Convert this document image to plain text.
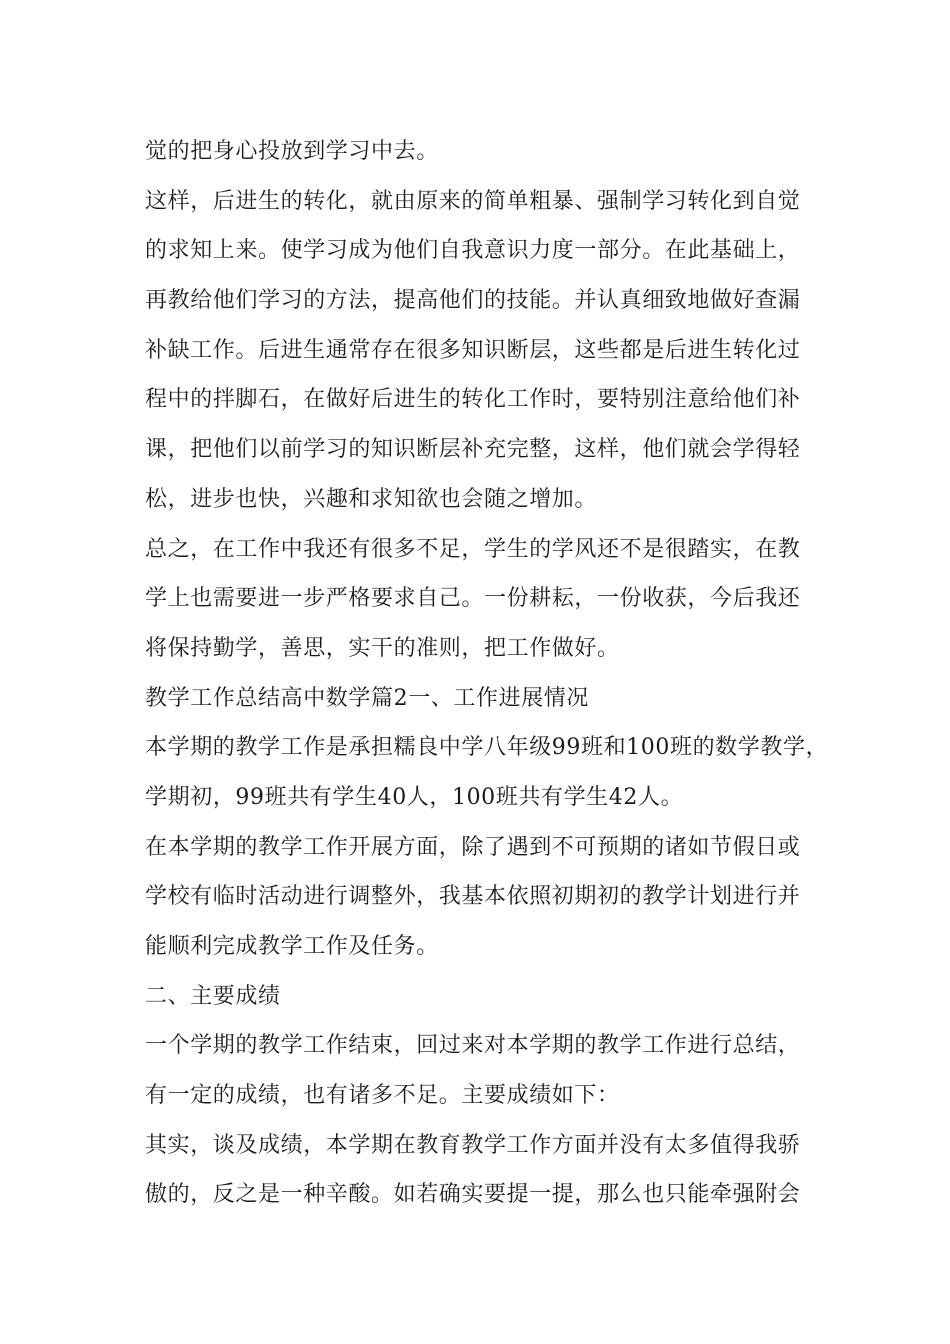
觉的把身心投放到学习中去。
这样，后进生的转化，就由原来的简单粗暴、强制学习转化到自觉
的求知上来。使学习成为他们自我意识力度一部分。在此基础上，
再教给他们学习的方法，提高他们的技能。并认真细致地做好查漏
补缺工作。后进生通常存在很多知识断层，这些都是后进生转化过
程中的拌脚石，在做好后进生的转化工作时，要特别注意给他们补
课，把他们以前学习的知识断层补充完整，这样，他们就会学得轻
松，进步也快，兴趣和求知欲也会随之增加。
总之，在工作中我还有很多不足，学生的学风还不是很踏实，在教
学上也需要进一步严格要求自己。一份耕耘，一份收获，今后我还
将保持勤学，善思，实干的准则，把工作做好。
教学工作总结高中数学篇2一、工作进展情况
本学期的教学工作是承担糯良中学八年级99班和100班的数学教学，
学期初，99班共有学生40人，100班共有学生42人。
在本学期的教学工作开展方面，除了遇到不可预期的诸如节假日或
学校有临时活动进行调整外，我基本依照初期初的教学计划进行并
能顺利完成教学工作及任务。
二、主要成绩
一个学期的教学工作结束，回过来对本学期的教学工作进行总结，
有一定的成绩，也有诸多不足。主要成绩如下：
其实，谈及成绩，本学期在教育教学工作方面并没有太多值得我骄
傲的，反之是一种辛酸。如若确实要提一提，那么也只能牵强附会
